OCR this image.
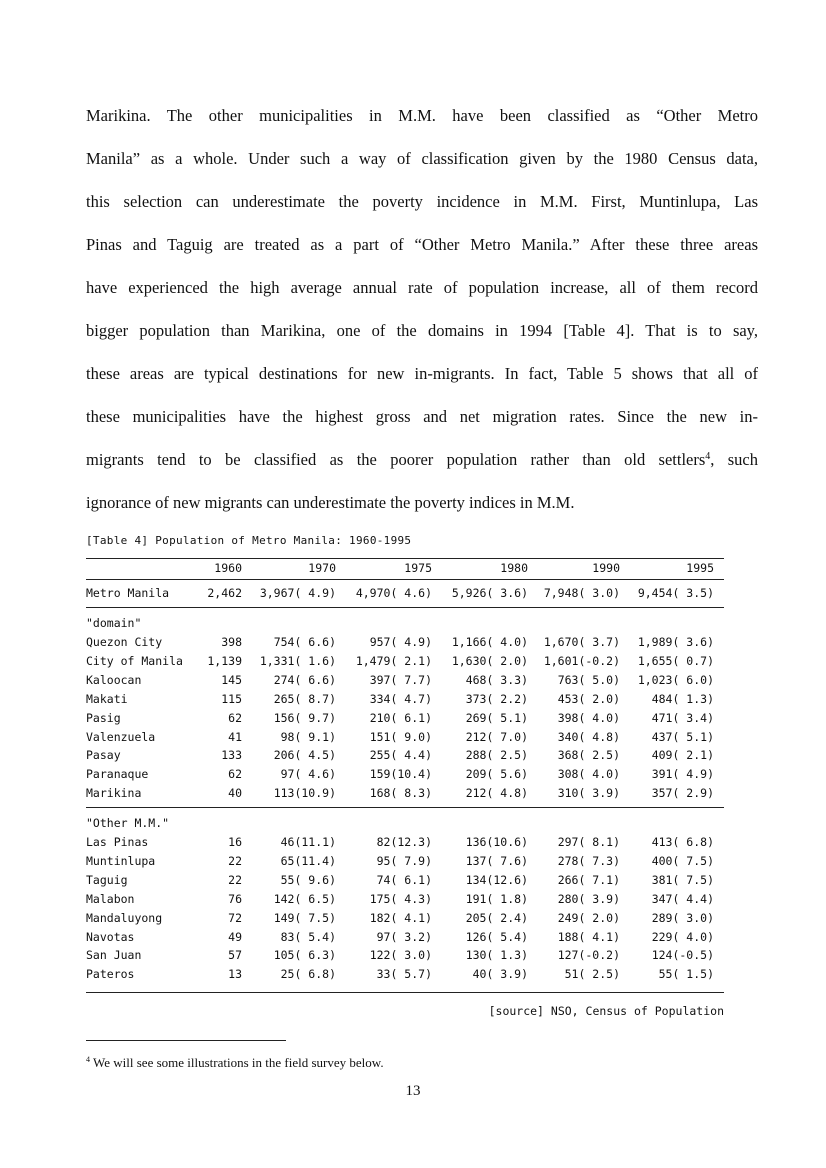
Marikina. The other municipalities in M.M. have been classified as “Other Metro
Manila” as a whole. Under such a way of classification given by the 1980 Census data,
this selection can underestimate the poverty incidence in M.M. First, Muntinlupa, Las
Pinas and Taguig are treated as a part of “Other Metro Manila.” After these three areas
have experienced the high average annual rate of population increase, all of them record
bigger population than Marikina, one of the domains in 1994 [Table 4]. That is to say,
these areas are typical destinations for new in-migrants. In fact, Table 5 shows that all of
these municipalities have the highest gross and net migration rates. Since the new in-
migrants tend to be classified as the poorer population rather than old settlers$^4$, such
ignorance of new migrants can underestimate the poverty indices in M.M.
[Table 4] Population of Metro Manila: 1960-1995
1960	1970	1975	1980	1990	1995
Metro Manila	2,462 3,967( 4.9) 4,970( 4.6) 5,926( 3.6) 7,948( 3.0) 9,454( 3.5)
"domain"
Quezon City	398	754( 6.6)	957( 4.9) 1,166( 4.0) 1,670( 3.7) 1,989( 3.6)
City of Manila 1,139 1,331( 1.6) 1,479( 2.1) 1,630( 2.0) 1,601(-0.2) 1,655( 0.7)
Kaloocan	145	274( 6.6)	397( 7.7)	468( 3.3)	763( 5.0) 1,023( 6.0)
Makati	115	265( 8.7)	334( 4.7)	373( 2.2)	453( 2.0)	484( 1.3)
Pasig	62	156( 9.7)	210( 6.1)	269( 5.1)	398( 4.0)	471( 3.4)
Valenzuela	41	98( 9.1)	151( 9.0)	212( 7.0)	340( 4.8)	437( 5.1)
Pasay	133	206( 4.5)	255( 4.4)	288( 2.5)	368( 2.5)	409( 2.1)
Paranaque	62	97( 4.6)	159(10.4)	209( 5.6)	308( 4.0)	391( 4.9)
Marikina	40	113(10.9)	168( 8.3)	212( 4.8)	310( 3.9)	357( 2.9)
"Other M.M."
Las Pinas	16	46(11.1)	82(12.3)	136(10.6)	297( 8.1)	413( 6.8)
Muntinlupa	22	65(11.4)	95( 7.9)	137( 7.6)	278( 7.3)	400( 7.5)
Taguig	22	55( 9.6)	74( 6.1)	134(12.6)	266( 7.1)	381( 7.5)
Malabon	76	142( 6.5)	175( 4.3)	191( 1.8)	280( 3.9)	347( 4.4)
Mandaluyong	72	149( 7.5)	182( 4.1)	205( 2.4)	249( 2.0)	289( 3.0)
Navotas	49	83( 5.4)	97( 3.2)	126( 5.4)	188( 4.1)	229( 4.0)
San Juan	57	105( 6.3)	122( 3.0)	130( 1.3)	127(-0.2)	124(-0.5)
Pateros	13	25( 6.8)	33( 5.7)	40( 3.9)	51( 2.5)	55( 1.5)
[source] NSO, Census of Population
$^4$ We will see some illustrations in the field survey below.
13
